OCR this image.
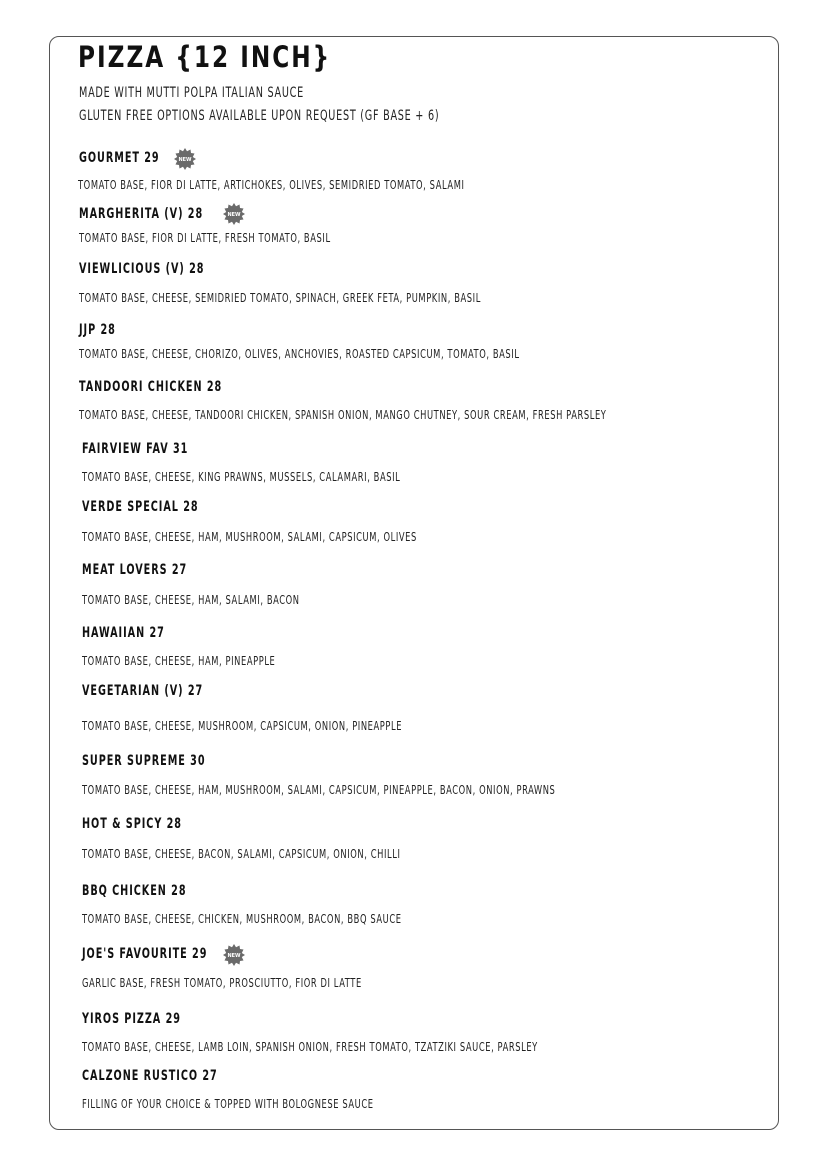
PIZZA {12 INCH}
MADE WITH MUTTI POLPA ITALIAN SAUCE
GLUTEN FREE OPTIONS AVAILABLE UPON REQUEST (GF BASE + 6)
GOURMET 29	NEW
TOMATO BASE, FIOR DI LATTE, ARTICHOKES, OLIVES, SEMIDRIED TOMATO, SALAMI
MARGHERITA (V) 28	NEW
TOMATO BASE, FIOR DI LATTE, FRESH TOMATO, BASIL
VIEWLICIOUS (V) 28
TOMATO BASE, CHEESE, SEMIDRIED TOMATO, SPINACH, GREEK FETA, PUMPKIN, BASIL
JJP 28
TOMATO BASE, CHEESE, CHORIZO, OLIVES, ANCHOVIES, ROASTED CAPSICUM, TOMATO, BASIL
TANDOORI CHICKEN 28
TOMATO BASE, CHEESE, TANDOORI CHICKEN, SPANISH ONION, MANGO CHUTNEY, SOUR CREAM, FRESH PARSLEY
FAIRVIEW FAV 31
TOMATO BASE, CHEESE, KING PRAWNS, MUSSELS, CALAMARI, BASIL
VERDE SPECIAL 28
TOMATO BASE, CHEESE, HAM, MUSHROOM, SALAMI, CAPSICUM, OLIVES
MEAT LOVERS 27
TOMATO BASE, CHEESE, HAM, SALAMI, BACON
HAWAIIAN 27
TOMATO BASE, CHEESE, HAM, PINEAPPLE
VEGETARIAN (V) 27
TOMATO BASE, CHEESE, MUSHROOM, CAPSICUM, ONION, PINEAPPLE
SUPER SUPREME 30
TOMATO BASE, CHEESE, HAM, MUSHROOM, SALAMI, CAPSICUM, PINEAPPLE, BACON, ONION, PRAWNS
HOT & SPICY 28
TOMATO BASE, CHEESE, BACON, SALAMI, CAPSICUM, ONION, CHILLI
BBQ CHICKEN 28
TOMATO BASE, CHEESE, CHICKEN, MUSHROOM, BACON, BBQ SAUCE
JOE'S FAVOURITE 29	NEW
GARLIC BASE, FRESH TOMATO, PROSCIUTTO, FIOR DI LATTE
YIROS PIZZA 29
TOMATO BASE, CHEESE, LAMB LOIN, SPANISH ONION, FRESH TOMATO, TZATZIKI SAUCE, PARSLEY
CALZONE RUSTICO 27
FILLING OF YOUR CHOICE & TOPPED WITH BOLOGNESE SAUCE
